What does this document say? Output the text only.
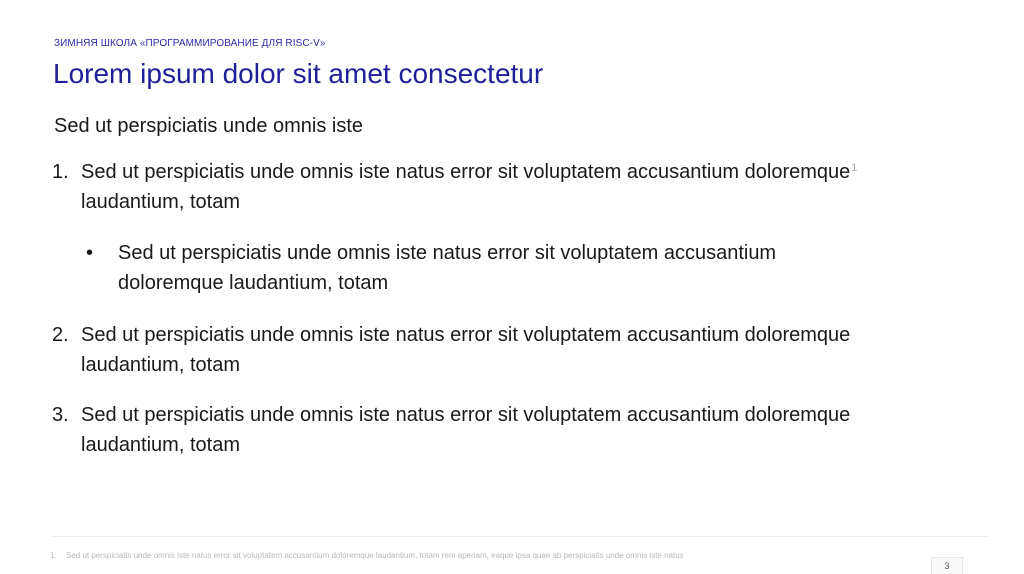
ЗИМНЯЯ ШКОЛА «ПРОГРАММИРОВАНИЕ ДЛЯ RISC-V»
Lorem ipsum dolor sit amet consectetur
Sed ut perspiciatis unde omnis iste
1. Sed ut perspiciatis unde omnis iste natus error sit voluptatem accusantium doloremque$^1$ laudantium, totam
•	Sed ut perspiciatis unde omnis iste natus error sit voluptatem accusantium doloremque laudantium, totam
2. Sed ut perspiciatis unde omnis iste natus error sit voluptatem accusantium doloremque laudantium, totam
3. Sed ut perspiciatis unde omnis iste natus error sit voluptatem accusantium doloremque laudantium, totam
1. Sed ut perspiciatis unde omnis iste natus error sit voluptatem accusantium doloremque laudantium, totam rem aperiam, eaque ipsa quae ab perspiciatis unde omnis iste natus
3
